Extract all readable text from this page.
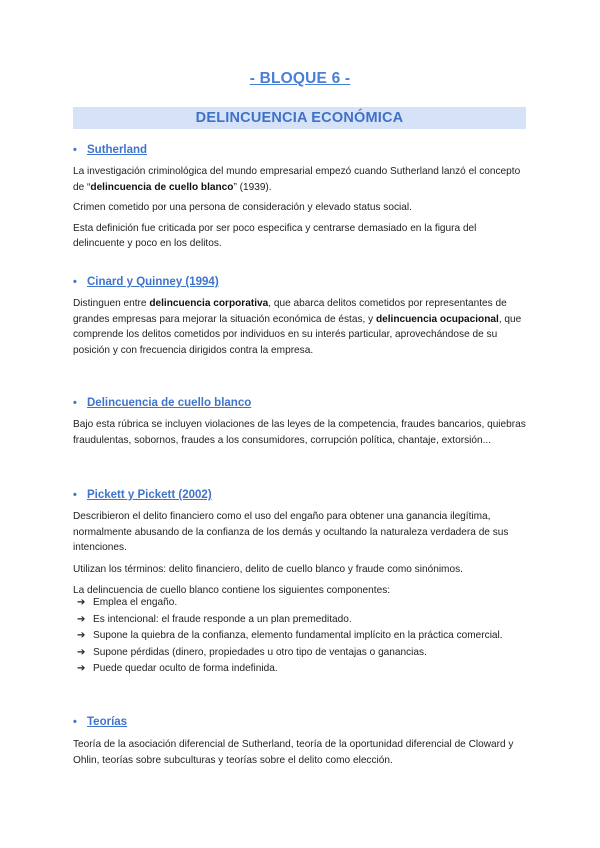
- BLOQUE 6 -
DELINCUENCIA ECONÓMICA
• Sutherland

La investigación criminológica del mundo empresarial empezó cuando Sutherland lanzó el concepto de “delincuencia de cuello blanco” (1939).

Crimen cometido por una persona de consideración y elevado status social.

Esta definición fue criticada por ser poco especifica y centrarse demasiado en la figura del delincuente y poco en los delitos.

• Cinard y Quinney (1994)

Distinguen entre delincuencia corporativa, que abarca delitos cometidos por representantes de grandes empresas para mejorar la situación económica de éstas, y delincuencia ocupacional, que comprende los delitos cometidos por individuos en su interés particular, aprovechándose de su posición y con frecuencia dirigidos contra la empresa.

• Delincuencia de cuello blanco

Bajo esta rúbrica se incluyen violaciones de las leyes de la competencia, fraudes bancarios, quiebras fraudulentas, sobornos, fraudes a los consumidores, corrupción política, chantaje, extorsión...

• Pickett y Pickett (2002)

Describieron el delito financiero como el uso del engaño para obtener una ganancia ilegítima, normalmente abusando de la confianza de los demás y ocultando la naturaleza verdadera de sus intenciones.

Utilizan los términos: delito financiero, delito de cuello blanco y fraude como sinónimos.

La delincuencia de cuello blanco contiene los siguientes componentes:

➔ Emplea el engaño.
➔ Es intencional: el fraude responde a un plan premeditado.
➔ Supone la quiebra de la confianza, elemento fundamental implícito en la práctica comercial.
➔ Supone pérdidas (dinero, propiedades u otro tipo de ventajas o ganancias.
➔ Puede quedar oculto de forma indefinida.
• Teorías

Teoría de la asociación diferencial de Sutherland, teoría de la oportunidad diferencial de Cloward y Ohlin, teorías sobre subculturas y teorías sobre el delito como elección.
